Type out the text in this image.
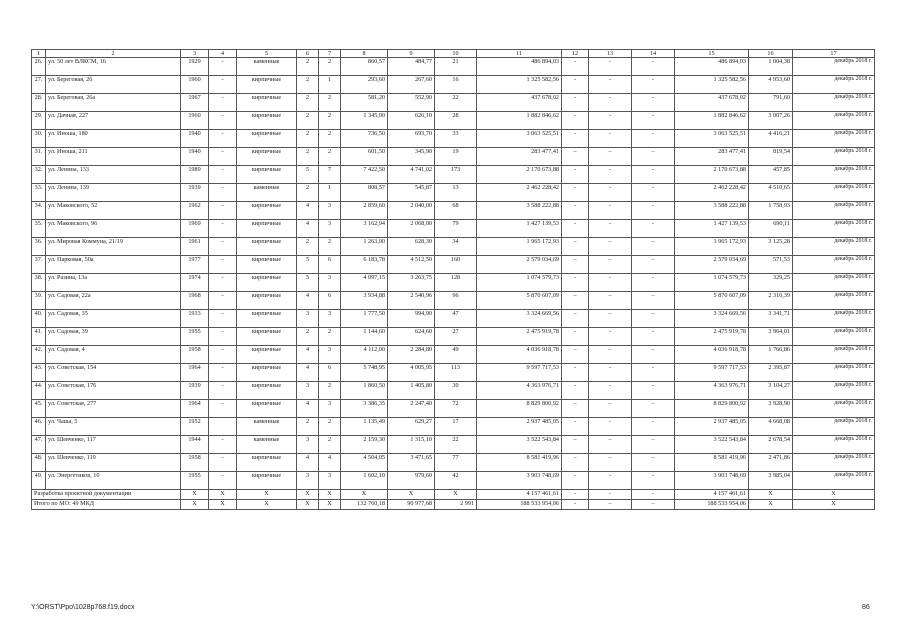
1	2	3	4	5	6	7	8	9	10	11	12	13	14	15	16	17
26.	ул. 50 лет ВЛКСМ, 16	1929	-	каменные	2	2	860,57	484,77	21	486 894,03	-	-	-	486 894,03	1 004,38	декабрь 2018 г.
27.	ул. Береговая, 26	1960	-	кирпичные	2	1	293,60	267,60	16	1 325 582,56	-	-	-	1 325 582,56	4 953,60	декабрь 2018 г.
28.	ул. Береговая, 26а	1967	-	кирпичные	2	2	581,20	552,90	22	437 678,02	-	-	-	437 678,02	791,60	декабрь 2018 г.
29.	ул. Дачная, 227	1960	-	кирпичные	2	2	1 345,00	626,10	28	1 882 846,62	-	-	-	1 882 846,62	3 007,26	декабрь 2018 г.
30.	ул. Иноша, 180	1940	-	кирпичные	2	2	736,50	693,70	33	3 063 525,51	-	-	-	3 063 525,51	4 416,21	декабрь 2018 г.
31.	ул. Иноша, 211	1940	–	кирпичные	2	2	601,50	345,90	19	283 477,41	–	–	–	283 477,41	819,54	декабрь 2018 г.
32.	ул. Ленина, 133	1989	-	кирпичные	5	7	7 422,50	4 741,02	173	2 170 673,88	-	-	-	2 170 673,88	457,85	декабрь 2018 г.
33.	ул. Ленина, 139	1939	-	каменные	2	1	808,57	545,87	13	2 462 228,42	-	-	-	2 462 228,42	4 510,65	декабрь 2018 г.
34.	ул. Маковского, 52	1962	–	кирпичные	4	3	2 859,60	2 040,00	68	3 588 222,88	-	-	-	3 588 222,88	1 758,93	декабрь 2018 г.
35.	ул. Маковского, 96	1969	-	кирпичные	4	3	3 162,94	2 068,00	79	1 427 139,53	-	-	-	1 427 139,53	690,11	декабрь 2018 г.
36.	ул. Мировая Коммуна, 21/19	1961	–	кирпичные	2	2	1 263,00	628,30	34	1 965 172,93	–	–	–	1 965 172,93	3 125,28	декабрь 2018 г.
37.	ул. Парковая, 50а	1977	–	кирпичные	5	6	6 183,78	4 512,50	160	2 579 034,69	–	–	–	2 579 034,69	571,53	декабрь 2018 г.
38.	ул. Разина, 13а	1974	-	кирпичные	5	3	4 097,15	3 263,75	128	1 074 579,73	-	-	-	1 074 579,73	329,25	декабрь 2018 г.
39.	ул. Садовая, 22а	1968	–	кирпичные	4	6	3 934,88	2 540,96	96	5 870 607,09	–	–	–	5 870 607,09	2 310,39	декабрь 2018 г.
40.	ул. Садовая, 35	1933	–	кирпичные	3	3	1 777,50	994,90	47	3 324 669,56	–	–	–	3 324 669,56	3 341,71	декабрь 2018 г.
41.	ул. Садовая, 39	1955	-	кирпичные	2	2	1 144,60	624,60	27	2 475 919,78	-	-	-	2 475 919,78	3 964,01	декабрь 2018 г.
42.	ул. Садовая, 4	1958	–	кирпичные	4	3	4 112,00	2 284,80	49	4 036 918,78	–	–	–	4 036 918,78	1 766,86	декабрь 2018 г.
43.	ул. Советская, 154	1964	-	кирпичные	4	6	5 748,95	4 005,95	113	9 597 717,53	-	-	-	9 597 717,53	2 395,87	декабрь 2018 г.
44.	ул. Советская, 176	1939	-	кирпичные	3	2	1 860,50	1 405,80	30	4 363 976,71	-	-	-	4 363 976,71	3 104,27	декабрь 2018 г.
45.	ул. Советская, 277	1964	–	кирпичные	4	3	3 386,35	2 247,40	72	8 829 800,92	–	–	–	8 829 800,92	3 928,90	декабрь 2018 г.
46.	ул. Чаша, 5	1952		каменные	2	2	1 135,49	629,27	17	2 937 485,05	-	-	-	2 937 485,05	4 668,08	декабрь 2018 г.
47.	ул. Шевченко, 117	1944	-	каменные	3	2	2 159,30	1 315,10	22	3 522 543,84	–	–	–	3 522 543,84	2 678,54	декабрь 2018 г.
48.	ул. Шевченко, 119	1958	–	кирпичные	4	4	4 504,05	3 471,65	77	8 581 419,96	–	–	–	8 581 419,96	2 471,86	декабрь 2018 г.
49.	ул. Энергетиков, 10	1955	-	кирпичные	3	3	1 602,10	979,60	42	3 903 748,69	-	-	-	3 903 748,69	3 985,04	декабрь 2018 г.
Разработка проектной документации		X	X	X	X	X	X	X	X	4 157 461,61	-	-	-	4 157 461,61	X	X
Итого по МО: 49 МКД		X	X	X	X	X	132 760,18	90 977,68	2 991	188 533 954,06	-	–	–	188 533 954,06	X	X
Y:\ORST\Ppo\1028p768.f19.docx	86
